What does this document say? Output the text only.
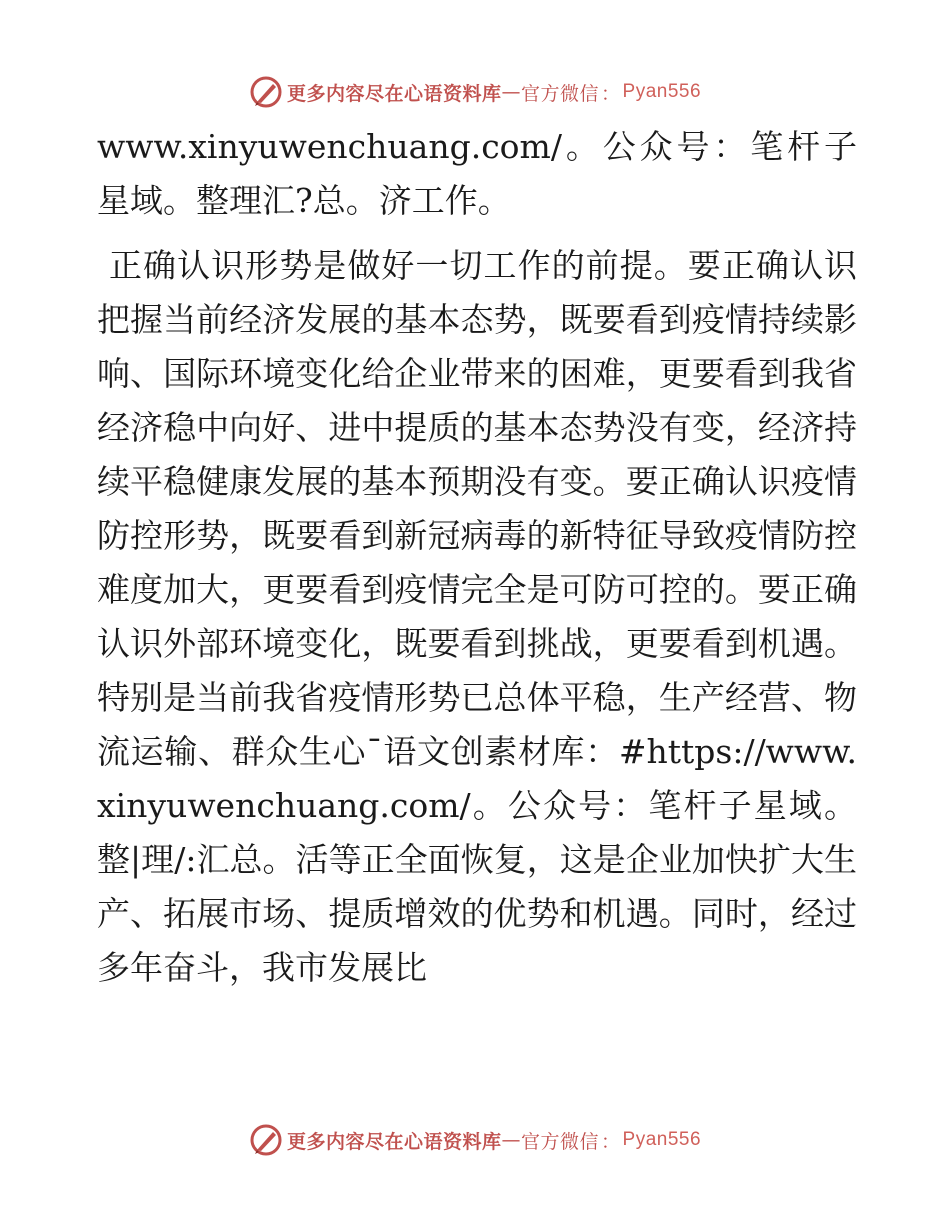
更多内容尽在心语资料库 — 官方微信 ： Pyan556

www.xinyuwenchuang.com/。公众号：笔杆子星域。整理汇?总。济工作。

正确认识形势是做好一切工作的前提。要正确认识把握当前经济发展的基本态势，既要看到疫情持续影响、国际环境变化给企业带来的困难，更要看到我省经济稳中向好、进中提质的基本态势没有变，经济持续平稳健康发展的基本预期没有变。要正确认识疫情防控形势，既要看到新冠病毒的新特征导致疫情防控难度加大，更要看到疫情完全是可防可控的。要正确认识外部环境变化，既要看到挑战，更要看到机遇。特别是当前我省疫情形势已总体平稳，生产经营、物流运输、群众生心¯语文创素材库：#https://www.xinyuwenchuang.com/。公众号：笔杆子星域。整|理/:汇总。活等正全面恢复，这是企业加快扩大生产、拓展市场、提质增效的优势和机遇。同时，经过多年奋斗，我市发展比

更多内容尽在心语资料库 — 官方微信 ： Pyan556
